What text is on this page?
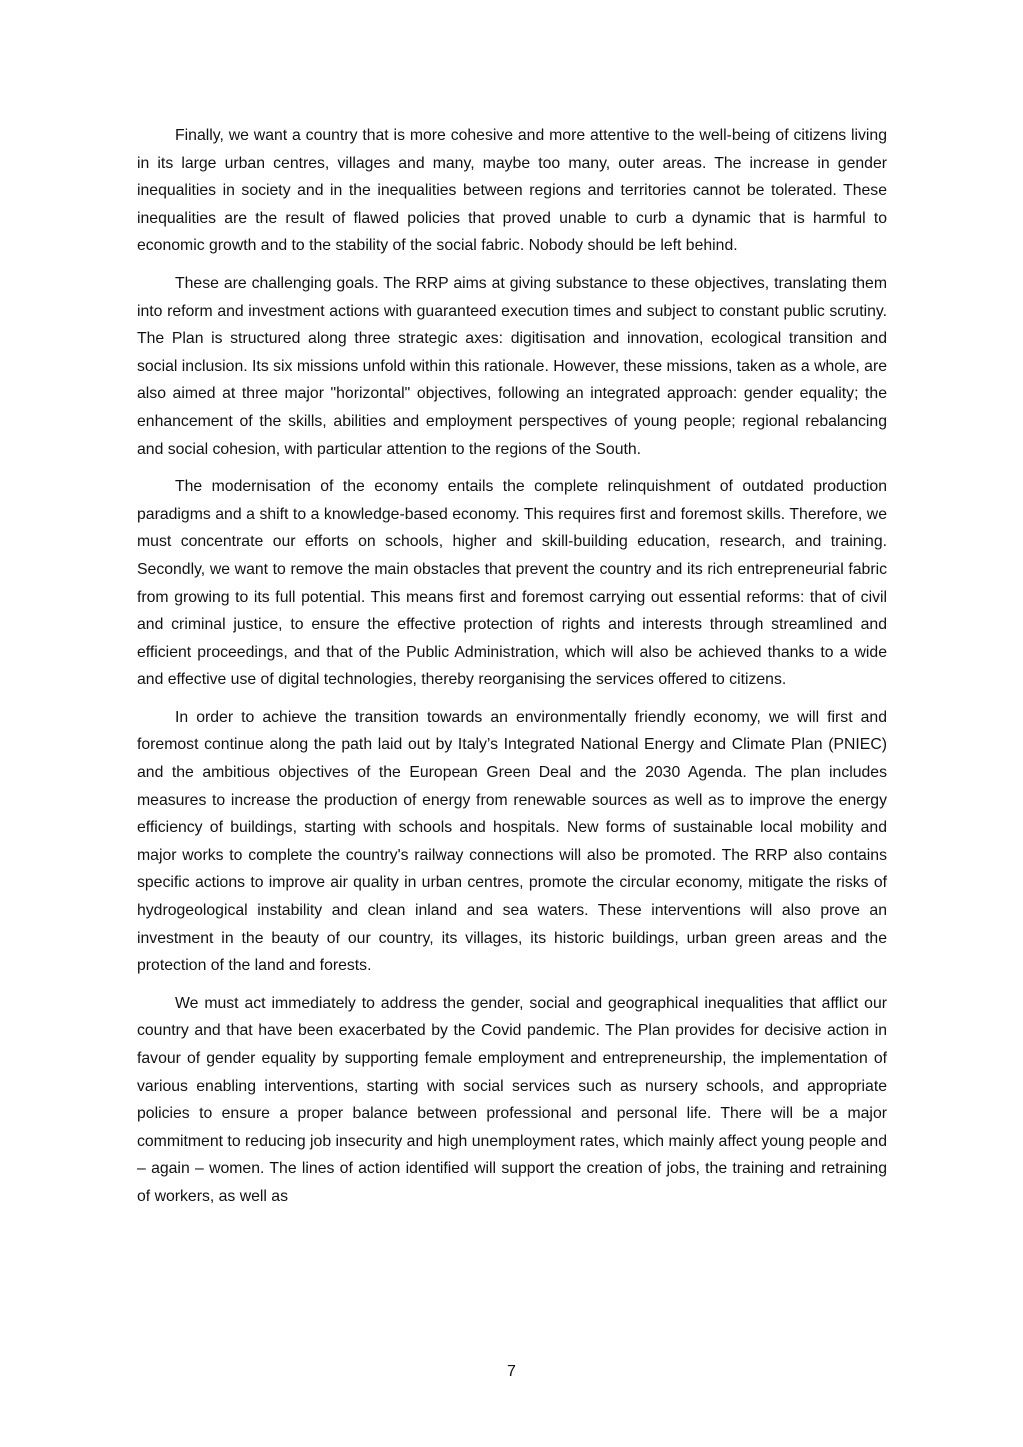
Finally, we want a country that is more cohesive and more attentive to the well-being of citizens living in its large urban centres, villages and many, maybe too many, outer areas. The increase in gender inequalities in society and in the inequalities between regions and territories cannot be tolerated. These inequalities are the result of flawed policies that proved unable to curb a dynamic that is harmful to economic growth and to the stability of the social fabric. Nobody should be left behind.

These are challenging goals. The RRP aims at giving substance to these objectives, translating them into reform and investment actions with guaranteed execution times and subject to constant public scrutiny. The Plan is structured along three strategic axes: digitisation and innovation, ecological transition and social inclusion. Its six missions unfold within this rationale. However, these missions, taken as a whole, are also aimed at three major "horizontal" objectives, following an integrated approach: gender equality; the enhancement of the skills, abilities and employment perspectives of young people; regional rebalancing and social cohesion, with particular attention to the regions of the South.

The modernisation of the economy entails the complete relinquishment of outdated production paradigms and a shift to a knowledge-based economy. This requires first and foremost skills. Therefore, we must concentrate our efforts on schools, higher and skill-building education, research, and training. Secondly, we want to remove the main obstacles that prevent the country and its rich entrepreneurial fabric from growing to its full potential. This means first and foremost carrying out essential reforms: that of civil and criminal justice, to ensure the effective protection of rights and interests through streamlined and efficient proceedings, and that of the Public Administration, which will also be achieved thanks to a wide and effective use of digital technologies, thereby reorganising the services offered to citizens.

In order to achieve the transition towards an environmentally friendly economy, we will first and foremost continue along the path laid out by Italy’s Integrated National Energy and Climate Plan (PNIEC) and the ambitious objectives of the European Green Deal and the 2030 Agenda. The plan includes measures to increase the production of energy from renewable sources as well as to improve the energy efficiency of buildings, starting with schools and hospitals. New forms of sustainable local mobility and major works to complete the country's railway connections will also be promoted. The RRP also contains specific actions to improve air quality in urban centres, promote the circular economy, mitigate the risks of hydrogeological instability and clean inland and sea waters. These interventions will also prove an investment in the beauty of our country, its villages, its historic buildings, urban green areas and the protection of the land and forests.

We must act immediately to address the gender, social and geographical inequalities that afflict our country and that have been exacerbated by the Covid pandemic. The Plan provides for decisive action in favour of gender equality by supporting female employment and entrepreneurship, the implementation of various enabling interventions, starting with social services such as nursery schools, and appropriate policies to ensure a proper balance between professional and personal life. There will be a major commitment to reducing job insecurity and high unemployment rates, which mainly affect young people and – again – women. The lines of action identified will support the creation of jobs, the training and retraining of workers, as well as

7
